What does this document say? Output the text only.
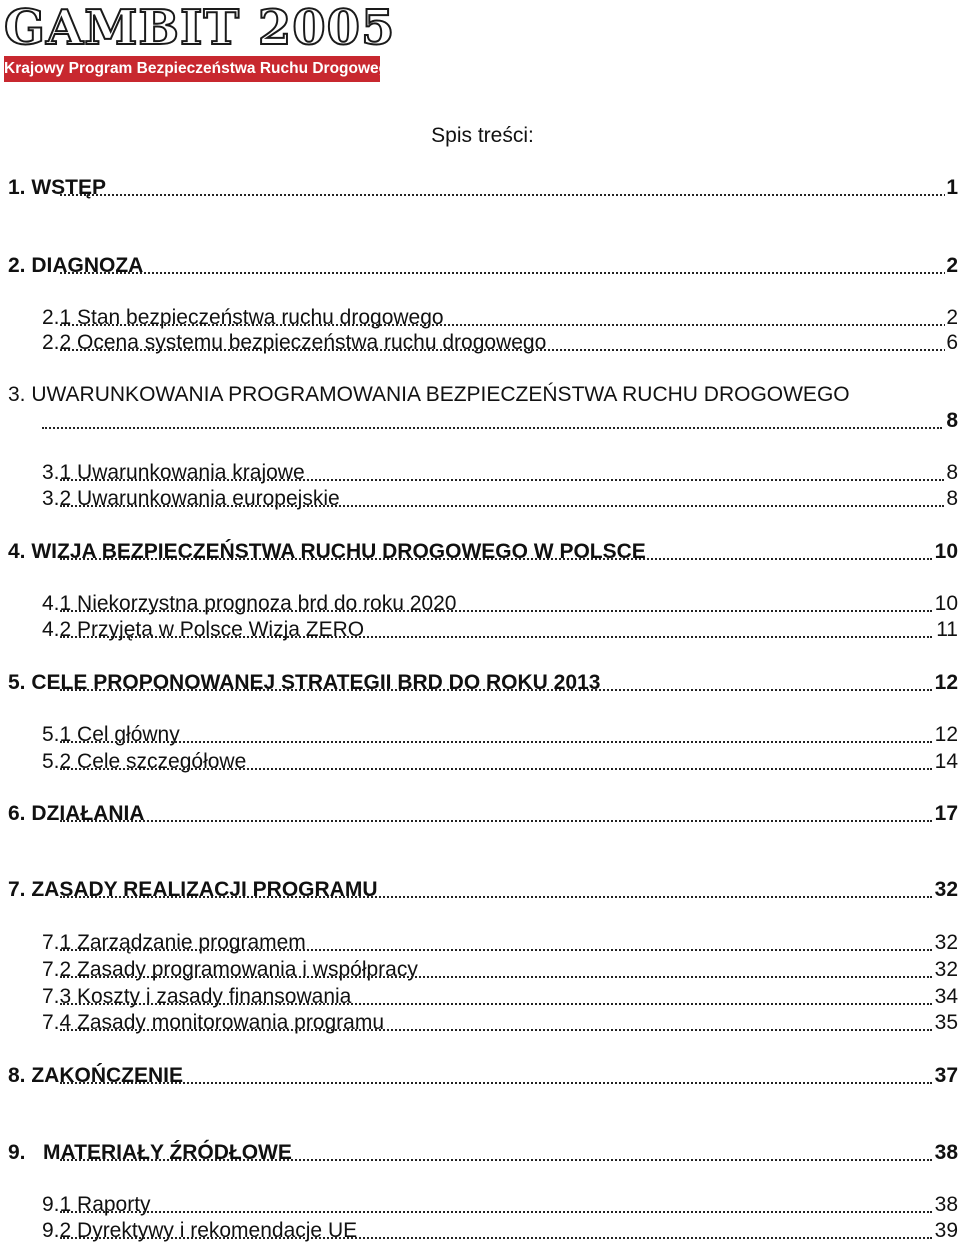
GAMBIT 2005
Krajowy Program Bezpieczeństwa Ruchu Drogowego
Spis treści:
1. WSTĘP	1
2. DIAGNOZA	2
2.1 Stan bezpieczeństwa ruchu drogowego	2
2.2 Ocena systemu bezpieczeństwa ruchu drogowego	6
3. UWARUNKOWANIA PROGRAMOWANIA BEZPIECZEŃSTWA RUCHU DROGOWEGO
8
3.1 Uwarunkowania krajowe	8
3.2 Uwarunkowania europejskie	8
4. WIZJA BEZPIECZEŃSTWA RUCHU DROGOWEGO W POLSCE	10
4.1 Niekorzystna prognoza brd do roku 2020	10
4.2 Przyjęta w Polsce Wizja ZERO	11
5. CELE PROPONOWANEJ STRATEGII BRD DO ROKU 2013	12
5.1 Cel główny	12
5.2 Cele szczegółowe	14
6. DZIAŁANIA	17
7. ZASADY REALIZACJI PROGRAMU	32
7.1 Zarządzanie programem	32
7.2 Zasady programowania i współpracy	32
7.3 Koszty i zasady finansowania	34
7.4 Zasady monitorowania programu	35
8. ZAKOŃCZENIE	37
9.   MATERIAŁY ŹRÓDŁOWE	38
9.1 Raporty	38
9.2 Dyrektywy i rekomendacje UE	39
